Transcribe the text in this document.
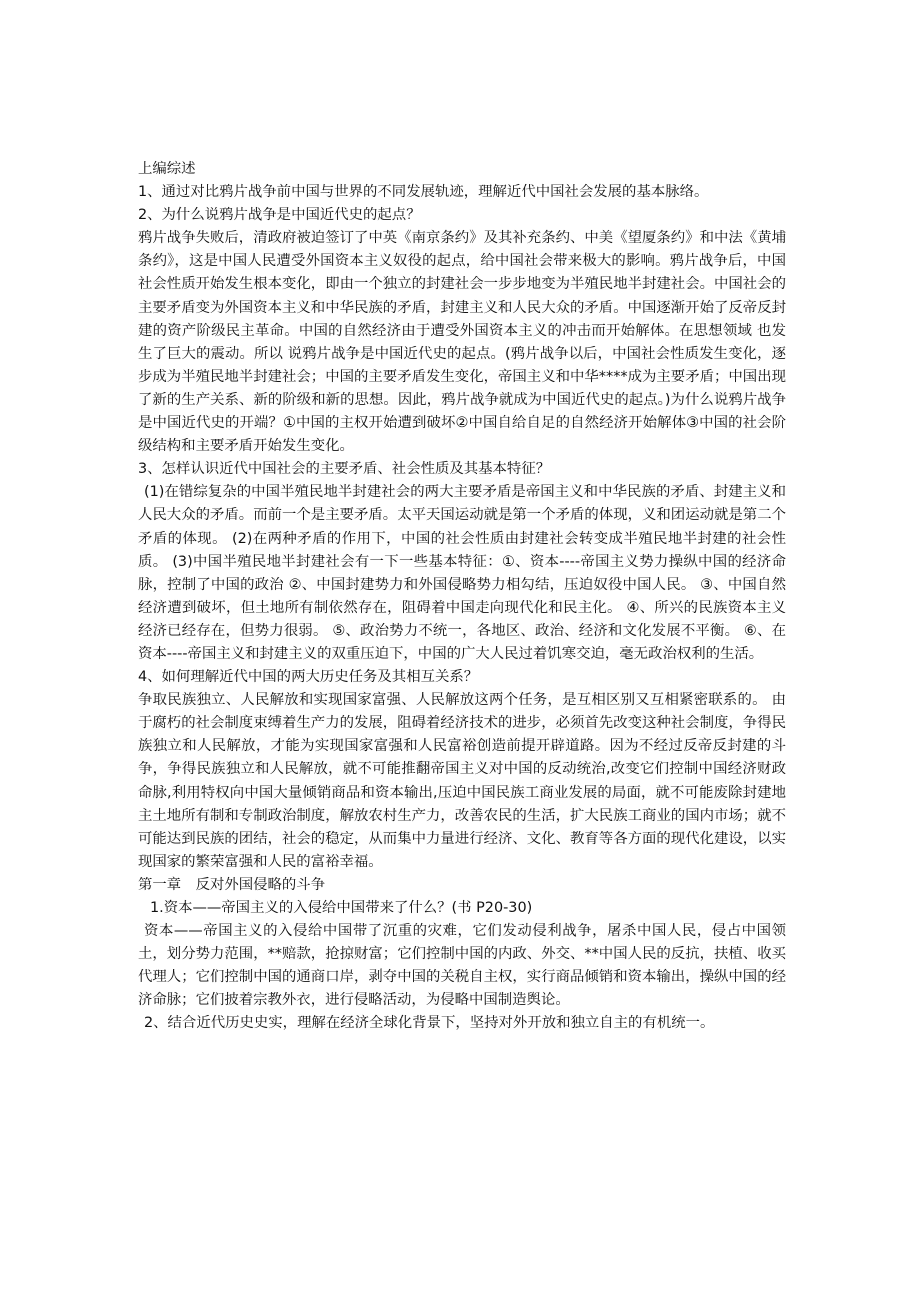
上编综述

1、通过对比鸦片战争前中国与世界的不同发展轨迹，理解近代中国社会发展的基本脉络。

2、为什么说鸦片战争是中国近代史的起点？

鸦片战争失败后，清政府被迫签订了中英《南京条约》及其补充条约、中美《望厦条约》和中法《黄埔条约》，这是中国人民遭受外国资本主义奴役的起点，给中国社会带来极大的影响。鸦片战争后，中国社会性质开始发生根本变化，即由一个独立的封建社会一步步地变为半殖民地半封建社会。中国社会的主要矛盾变为外国资本主义和中华民族的矛盾，封建主义和人民大众的矛盾。中国逐渐开始了反帝反封建的资产阶级民主革命。中国的自然经济由于遭受外国资本主义的冲击而开始解体。在思想领域 也发生了巨大的震动。所以 说鸦片战争是中国近代史的起点。(鸦片战争以后，中国社会性质发生变化，逐步成为半殖民地半封建社会；中国的主要矛盾发生变化，帝国主义和中华****成为主要矛盾；中国出现了新的生产关系、新的阶级和新的思想。因此，鸦片战争就成为中国近代史的起点。)为什么说鸦片战争是中国近代史的开端？①中国的主权开始遭到破坏②中国自给自足的自然经济开始解体③中国的社会阶级结构和主要矛盾开始发生变化。

3、怎样认识近代中国社会的主要矛盾、社会性质及其基本特征？

(1)在错综复杂的中国半殖民地半封建社会的两大主要矛盾是帝国主义和中华民族的矛盾、封建主义和人民大众的矛盾。而前一个是主要矛盾。太平天国运动就是第一个矛盾的体现，义和团运动就是第二个矛盾的体现。 (2)在两种矛盾的作用下，中国的社会性质由封建社会转变成半殖民地半封建的社会性质。 (3)中国半殖民地半封建社会有一下一些基本特征：①、资本----帝国主义势力操纵中国的经济命脉，控制了中国的政治 ②、中国封建势力和外国侵略势力相勾结，压迫奴役中国人民。 ③、中国自然经济遭到破坏，但土地所有制依然存在，阻碍着中国走向现代化和民主化。 ④、所兴的民族资本主义经济已经存在，但势力很弱。 ⑤、政治势力不统一，各地区、政治、经济和文化发展不平衡。 ⑥、在资本----帝国主义和封建主义的双重压迫下，中国的广大人民过着饥寒交迫，毫无政治权利的生活。

4、如何理解近代中国的两大历史任务及其相互关系？

争取民族独立、人民解放和实现国家富强、人民解放这两个任务，是互相区别又互相紧密联系的。 由于腐朽的社会制度束缚着生产力的发展，阻碍着经济技术的进步，必须首先改变这种社会制度，争得民族独立和人民解放，才能为实现国家富强和人民富裕创造前提开辟道路。因为不经过反帝反封建的斗争，争得民族独立和人民解放，就不可能推翻帝国主义对中国的反动统治,改变它们控制中国经济财政命脉,利用特权向中国大量倾销商品和资本输出,压迫中国民族工商业发展的局面，就不可能废除封建地主土地所有制和专制政治制度，解放农村生产力，改善农民的生活，扩大民族工商业的国内市场；就不可能达到民族的团结，社会的稳定，从而集中力量进行经济、文化、教育等各方面的现代化建设，以实现国家的繁荣富强和人民的富裕幸福。

第一章　反对外国侵略的斗争

1.资本——帝国主义的入侵给中国带来了什么？(书 P20-30)

资本——帝国主义的入侵给中国带了沉重的灾难，它们发动侵利战争，屠杀中国人民，侵占中国领土，划分势力范围，**赔款，抢掠财富；它们控制中国的内政、外交、**中国人民的反抗，扶植、收买代理人；它们控制中国的通商口岸，剥夺中国的关税自主权，实行商品倾销和资本输出，操纵中国的经济命脉；它们披着宗教外衣，进行侵略活动，为侵略中国制造舆论。

2、结合近代历史史实，理解在经济全球化背景下，坚持对外开放和独立自主的有机统一。
